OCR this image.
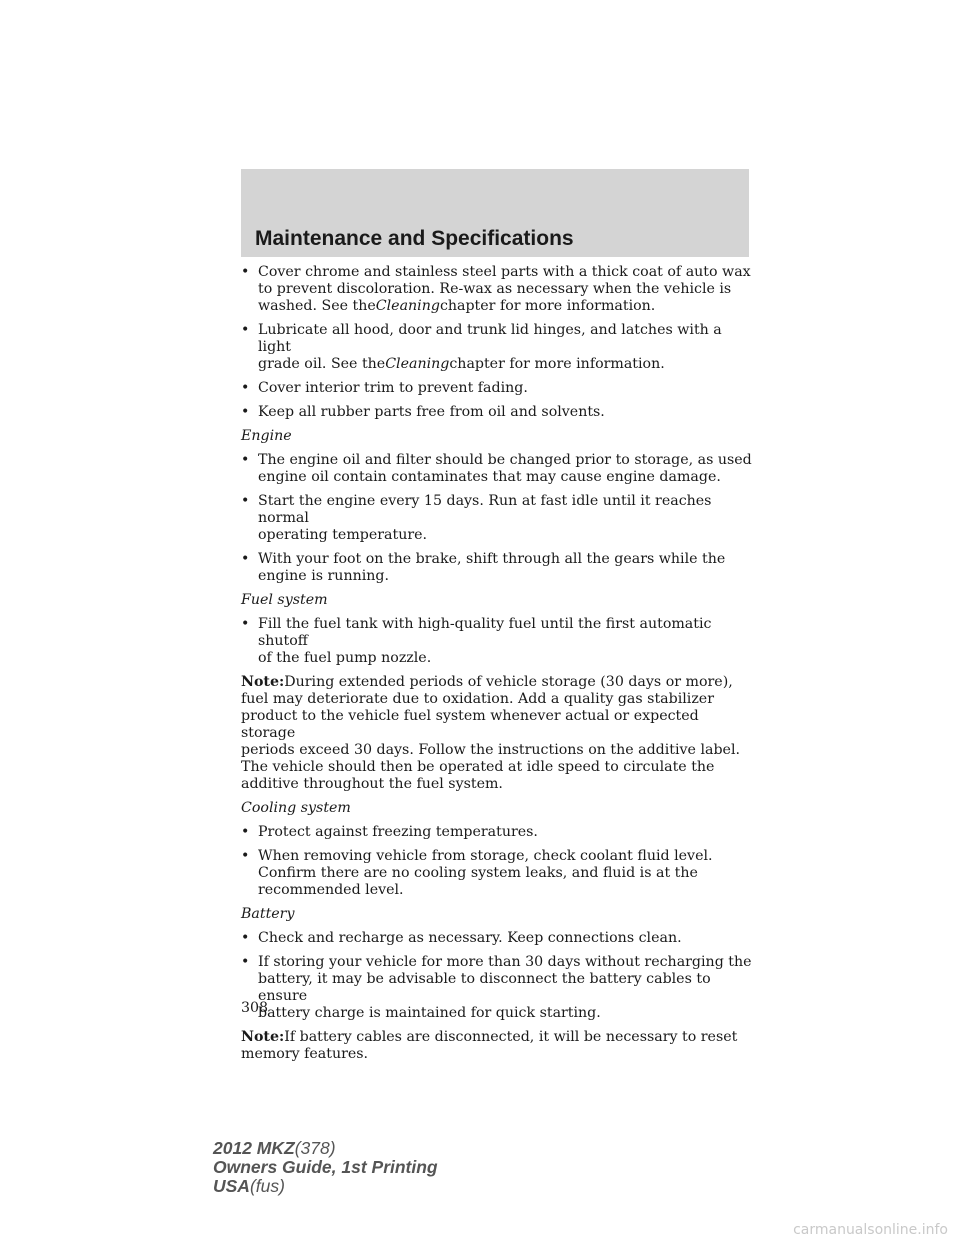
Maintenance and Specifications
• Cover chrome and stainless steel parts with a thick coat of auto wax
to prevent discoloration. Re-wax as necessary when the vehicle is
washed. See theCleaningchapter for more information.
• Lubricate all hood, door and trunk lid hinges, and latches with a light
grade oil. See theCleaningchapter for more information.
• Cover interior trim to prevent fading.
• Keep all rubber parts free from oil and solvents.
Engine
• The engine oil and filter should be changed prior to storage, as used
engine oil contain contaminates that may cause engine damage.
• Start the engine every 15 days. Run at fast idle until it reaches normal
operating temperature.
• With your foot on the brake, shift through all the gears while the
engine is running.
Fuel system
• Fill the fuel tank with high-quality fuel until the first automatic shutoff
of the fuel pump nozzle.
Note:During extended periods of vehicle storage (30 days or more),
fuel may deteriorate due to oxidation. Add a quality gas stabilizer
product to the vehicle fuel system whenever actual or expected storage
periods exceed 30 days. Follow the instructions on the additive label.
The vehicle should then be operated at idle speed to circulate the
additive throughout the fuel system.
Cooling system
• Protect against freezing temperatures.
• When removing vehicle from storage, check coolant fluid level.
Confirm there are no cooling system leaks, and fluid is at the
recommended level.
Battery
• Check and recharge as necessary. Keep connections clean.
• If storing your vehicle for more than 30 days without recharging the
battery, it may be advisable to disconnect the battery cables to ensure
battery charge is maintained for quick starting.
Note:If battery cables are disconnected, it will be necessary to reset
memory features.
308
2012 MKZ(378)
Owners Guide, 1st Printing
USA(fus)
carmanualsonline.info
